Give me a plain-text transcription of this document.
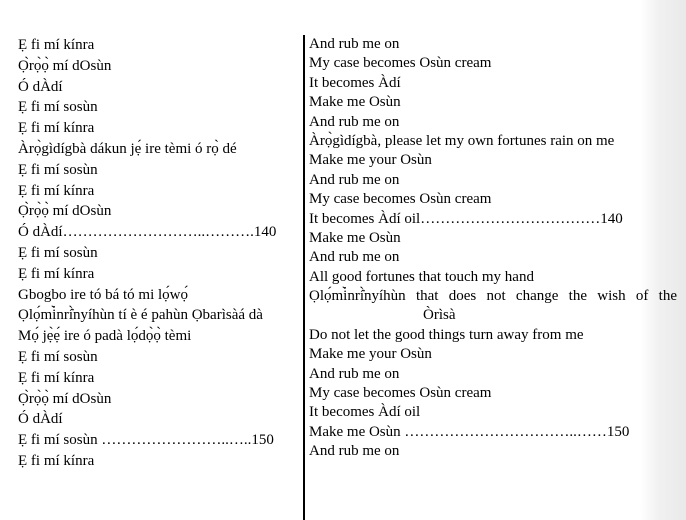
Ẹ fi mí kínra
Ọ̀rọ̀ọ̀ mí dOsùn
Ó dÀdí
Ẹ fi mí sosùn
Ẹ fi mí kínra
Àrọ̀gìdígbà dákun jẹ́ ire tèmi ó rọ̀ dé
Ẹ fi mí sosùn
Ẹ fi mí kínra
Ọ̀rọ̀ọ̀ mí dOsùn
Ó dÀdí………………………..……….140
Ẹ fi mí sosùn
Ẹ fi mí kínra
Gbogbo ire tó bá tó mi lọ́wọ́
Ọlọ́mi̇̀nrí̇̀nyíhùn tí è é pahùn Ọbarìsàá dà
Mọ́ jẹ̀ẹ́ ire ó padà lọ́dọ̀ọ̀ tèmi
Ẹ fi mí sosùn
Ẹ fi mí kínra
Ọ̀rọ̀ọ̀ mí dOsùn
Ó dÀdí
Ẹ fi mí sosùn ……………………..…..150
Ẹ fi mí kínra
And rub me on
My case becomes Osùn cream
It becomes Àdí
Make me Osùn
And rub me on
Àrọ̀gìdígbà, please let my own fortunes rain on me
Make me your Osùn
And rub me on
My case becomes Osùn cream
It becomes Àdí oil………………………………140
Make me Osùn
And rub me on
All good fortunes that touch my hand
Ọlọ́mi̇̀nrí̇̀nyíhùn that does not change the wish of the
Òrìsà
Do not let the good things turn away from me
Make me your Osùn
And rub me on
My case becomes Osùn cream
It becomes Àdí oil
Make me Osùn ……………………………..……150
And rub me on
